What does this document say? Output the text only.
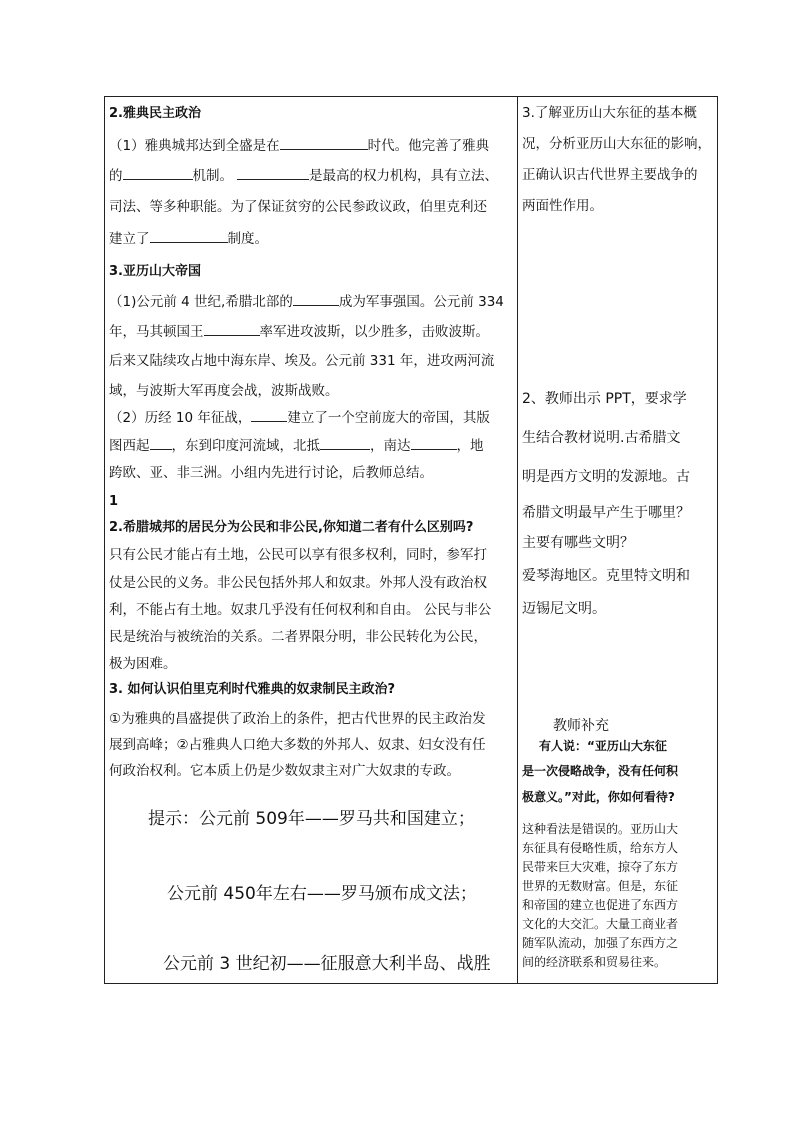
2.雅典民主政治
（1）雅典城邦达到全盛是在	时代。他完善了雅典
的	机制。	是最高的权力机构，具有立法、
司法、等多种职能。为了保证贫穷的公民参政议政，伯里克利还
建立了	制度。
3.亚历山大帝国
（1)公元前 4 世纪,希腊北部的	成为军事强国。公元前 334
年，马其顿国王	率军进攻波斯，以少胜多，击败波斯。
后来又陆续攻占地中海东岸、埃及。公元前 331 年，进攻两河流
域，与波斯大军再度会战，波斯战败。
（2）历经 10 年征战，	建立了一个空前庞大的帝国，其版
图西起 ，东到印度河流域，北抵	，南达	，地
跨欧、亚、非三洲。小组内先进行讨论，后教师总结。
1
2.希腊城邦的居民分为公民和非公民,你知道二者有什么区别吗?
只有公民才能占有土地，公民可以享有很多权利，同时，参军打
仗是公民的义务。非公民包括外邦人和奴隶。外邦人没有政治权
利，不能占有土地。奴隶几乎没有任何权利和自由。 公民与非公
民是统治与被统治的关系。二者界限分明，非公民转化为公民，
极为困难。
3. 如何认识伯里克利时代雅典的奴隶制民主政治?
①为雅典的昌盛提供了政治上的条件，把古代世界的民主政治发
展到高峰；②占雅典人口绝大多数的外邦人、奴隶、妇女没有任
何政治权利。它本质上仍是少数奴隶主对广大奴隶的专政。
提示：公元前 509年——罗马共和国建立；
公元前 450年左右——罗马颁布成文法；
公元前 3 世纪初——征服意大利半岛、战胜
3.了解亚历山大东征的基本概
况，分析亚历山大东征的影响，
正确认识古代世界主要战争的
两面性作用。
2、教师出示 PPT，要求学
生结合教材说明.古希腊文
明是西方文明的发源地。古
希腊文明最早产生于哪里？
主要有哪些文明？
爱琴海地区。克里特文明和
迈锡尼文明。
教师补充
有人说：“亚历山大东征
是一次侵略战争，没有任何积
极意义。”对此，你如何看待?
这种看法是错误的。亚历山大
东征具有侵略性质，给东方人
民带来巨大灾难，掠夺了东方
世界的无数财富。但是，东征
和帝国的建立也促进了东西方
文化的大交汇。大量工商业者
随军队流动，加强了东西方之
间的经济联系和贸易往来。
